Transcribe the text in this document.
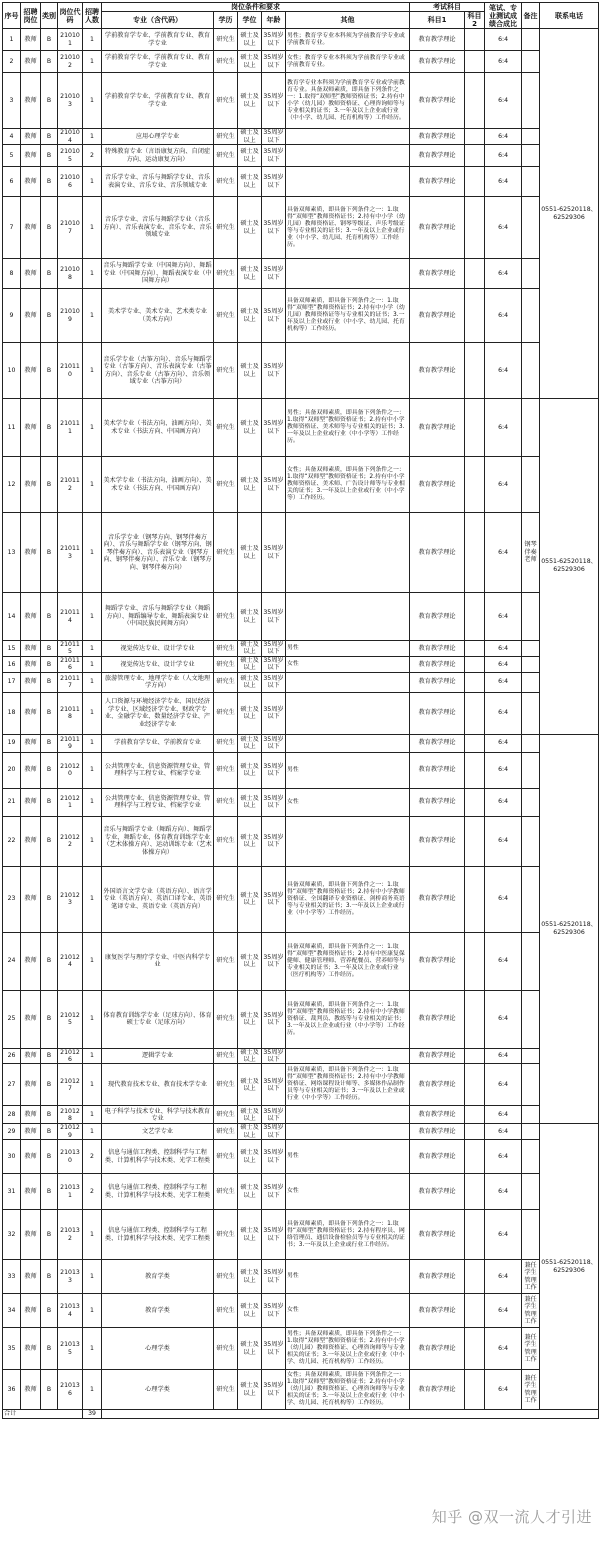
序号	招聘岗位	类别	岗位代码	招聘人数	岗位条件和要求					考试科目		笔试、专业测试成绩合成比	备注	联系电话
					专业（含代码）	学历	学位	年龄	其他	科目1	科目2			
1	教师	B	210101	1	学前教育学专业、学前教育专业、教育学专业	研究生	硕士及以上	35周岁以下	男性；教育学专业本科须为学前教育学专业或学前教育专业。	教育教学理论		6:4		0551-62520118、62529306
2	教师	B	210102	1	学前教育学专业、学前教育专业、教育学专业	研究生	硕士及以上	35周岁以下	女性；教育学专业本科须为学前教育学专业或学前教育专业。	教育教学理论		6:4		
3	教师	B	210103	1	学前教育学专业、学前教育专业、教育学专业	研究生	硕士及以上	35周岁以下	教育学专业本科须为学前教育学专业或学前教育专业。具备双师素质，即具备下列条件之一：1.取得“双师型”教师资格证书；2.持有中小学（幼儿园）教师资格证、心理咨询师等与专业相关的证书；3.一年及以上企业或行业（中小学、幼儿园、托育机构等）工作经历。	教育教学理论		6:4		
4	教师	B	210104	1	应用心理学专业	研究生	硕士及以上	35周岁以下		教育教学理论		6:4		
5	教师	B	210105	2	特殊教育专业（言语康复方向、自闭症方向、运动康复方向）	研究生	硕士及以上	35周岁以下		教育教学理论		6:4		
6	教师	B	210106	1	音乐学专业、音乐与舞蹈学专业、音乐表演专业、音乐专业、音乐领域专业	研究生	硕士及以上	35周岁以下		教育教学理论		6:4		
7	教师	B	210107	1	音乐学专业、音乐与舞蹈学专业（音乐方向）、音乐表演专业、音乐专业、音乐领域专业	研究生	硕士及以上	35周岁以下	具备双师素质，即具备下列条件之一：1.取得“双师型”教师资格证书；2.持有中小学（幼儿园）教师资格证、钢琴等级证、声乐考级证等与专业相关的证书；3.一年及以上企业或行业（中小学、幼儿园、托育机构等）工作经历。	教育教学理论		6:4		
8	教师	B	210108	1	音乐与舞蹈学专业（中国舞方向）、舞蹈专业（中国舞方向）、舞蹈表演专业（中国舞方向）	研究生	硕士及以上	35周岁以下		教育教学理论		6:4		
9	教师	B	210109	1	美术学专业、美术专业、艺术类专业（美术方向）	研究生	硕士及以上	35周岁以下	具备双师素质，即具备下列条件之一：1.取得“双师型”教师资格证书；2.持有中小学（幼儿园）教师资格证等与专业相关的证书；3.一年及以上企业或行业（中小学、幼儿园、托育机构等）工作经历。	教育教学理论		6:4		
10	教师	B	210110	1	音乐学专业（古筝方向）、音乐与舞蹈学专业（古筝方向）、音乐表演专业（古筝方向）、音乐专业（古筝方向）、音乐领域专业（古筝方向）	研究生	硕士及以上	35周岁以下		教育教学理论		6:4		
11	教师	B	210111	1	美术学专业（书法方向、油画方向）、美术专业（书法方向、中国画方向）	研究生	硕士及以上	35周岁以下	男性；具备双师素质，即具备下列条件之一：1.取得“双师型”教师资格证书；2.持有中小学教师资格证、美术师等与专业相关的证书；3.一年及以上企业或行业（中小学等）工作经历。	教育教学理论		6:4		0551-62520118、62529306
12	教师	B	210112	1	美术学专业（书法方向、油画方向）、美术专业（书法方向、中国画方向）	研究生	硕士及以上	35周岁以下	女性；具备双师素质，即具备下列条件之一：1.取得“双师型”教师资格证书；2.持有中小学教师资格证、美术师、广告设计师等与专业相关的证书；3.一年及以上企业或行业（中小学等）工作经历。	教育教学理论		6:4		
13	教师	B	210113	1	音乐学专业（钢琴方向、钢琴伴奏方向）、音乐与舞蹈学专业（钢琴方向、钢琴伴奏方向）、音乐表演专业（钢琴方向、钢琴伴奏方向）、音乐专业（钢琴方向、钢琴伴奏方向）	研究生	硕士及以上	35周岁以下		教育教学理论		6:4	钢琴伴奏老师	
14	教师	B	210114	1	舞蹈学专业、音乐与舞蹈学专业（舞蹈方向）、舞蹈编导专业、舞蹈表演专业（中国民族民间舞方向）	研究生	硕士及以上	35周岁以下		教育教学理论		6:4		
15	教师	B	210115	1	视觉传达专业、设计学专业	研究生	硕士及以上	35周岁以下	男性	教育教学理论		6:4		
16	教师	B	210116	1	视觉传达专业、设计学专业	研究生	硕士及以上	35周岁以下	女性	教育教学理论		6:4		
17	教师	B	210117	1	旅游管理专业、地理学专业（人文地理学方向）	研究生	硕士及以上	35周岁以下		教育教学理论		6:4		
18	教师	B	210118	1	人口资源与环境经济学专业、国民经济学专业、区域经济学专业、财政学专业、金融学专业、数量经济学专业、产业经济学专业	研究生	硕士及以上	35周岁以下		教育教学理论		6:4		
19	教师	B	210119	1	学前教育学专业、学前教育专业	研究生	硕士及以上	35周岁以下		教育教学理论		6:4		0551-62520118、62529306
20	教师	B	210120	1	公共管理专业、信息资源管理专业、管理科学与工程专业、档案学专业	研究生	硕士及以上	35周岁以下	男性	教育教学理论		6:4		
21	教师	B	210121	1	公共管理专业、信息资源管理专业、管理科学与工程专业、档案学专业	研究生	硕士及以上	35周岁以下	女性	教育教学理论		6:4		
22	教师	B	210122	1	音乐与舞蹈学专业（舞蹈方向）、舞蹈学专业、舞蹈专业、体育教育训练学专业（艺术体操方向）、运动训练专业（艺术体操方向）	研究生	硕士及以上	35周岁以下		教育教学理论		6:4		
23	教师	B	210123	1	外国语言文学专业（英语方向）、语言学专业（英语方向）、英语口译专业、英语笔译专业、英语专业（英语方向）	研究生	硕士及以上	35周岁以下	具备双师素质，即具备下列条件之一：1.取得“双师型”教师资格证书；2.持有中小学教师资格证、全国翻译专业资格证、剑桥商务英语等与专业相关的证书；3.一年及以上企业或行业（中小学等）工作经历。	教育教学理论		6:4		
24	教师	B	210124	1	康复医学与理疗学专业、中医内科学专业	研究生	硕士及以上	35周岁以下	具备双师素质，即具备下列条件之一：1.取得“双师型”教师资格证书；2.持有中医康复保健师、健康管理师、营养配餐员、营养师等与专业相关的证书；3.一年及以上企业或行业（医疗机构等）工作经历。	教育教学理论		6:4		
25	教师	B	210125	1	体育教育训练学专业（足球方向）、体育硕士专业（足球方向）	研究生	硕士及以上	35周岁以下	具备双师素质，即具备下列条件之一：1.取得“双师型”教师资格证书；2.持有中小学教师资格证、裁判员、教练等与专业相关的证书；3.一年及以上企业或行业（中小学等）工作经历。	教育教学理论		6:4		
26	教师	B	210126	1	逻辑学专业	研究生	硕士及以上	35周岁以下		教育教学理论		6:4		
27	教师	B	210127	1	现代教育技术专业、教育技术学专业	研究生	硕士及以上	35周岁以下	具备双师素质，即具备下列条件之一：1.取得“双师型”教师资格证书；2.持有中小学教师资格证、网络课程设计师等、多媒体作品制作员等与专业相关的证书；3.一年及以上企业或行业（中小学等）工作经历。	教育教学理论		6:4		
28	教师	B	210128	1	电子科学与技术专业、科学与技术教育专业	研究生	硕士及以上	35周岁以下		教育教学理论		6:4		
29	教师	B	210129	1	文艺学专业	研究生	硕士及以上	35周岁以下		教育教学理论		6:4		0551-62520118、62529306
30	教师	B	210130	2	信息与通信工程类、控制科学与工程类、计算机科学与技术类、光学工程类	研究生	硕士及以上	35周岁以下	男性	教育教学理论		6:4		
31	教师	B	210131	2	信息与通信工程类、控制科学与工程类、计算机科学与技术类、光学工程类	研究生	硕士及以上	35周岁以下	女性	教育教学理论		6:4		
32	教师	B	210132	1	信息与通信工程类、控制科学与工程类、计算机科学与技术类、光学工程类	研究生	硕士及以上	35周岁以下	具备双师素质，即具备下列条件之一：1.取得“双师型”教师资格证书；2.持有程序员、网络管理员、通信设备检验员等与专业相关的证书；3.一年及以上企业或行业工作经历。	教育教学理论		6:4		
33	教师	B	210133	1	教育学类	研究生	硕士及以上	35周岁以下	男性	教育教学理论		6:4	兼任学生管理工作	
34	教师	B	210134	1	教育学类	研究生	硕士及以上	35周岁以下	女性	教育教学理论		6:4	兼任学生管理工作	
35	教师	B	210135	1	心理学类	研究生	硕士及以上	35周岁以下	男性；具备双师素质，即具备下列条件之一：1.取得“双师型”教师资格证书；2.持有中小学（幼儿园）教师资格证、心理咨询师等与专业相关的证书；3.一年及以上企业或行业（中小学、幼儿园、托育机构等）工作经历。	教育教学理论		6:4	兼任学生管理工作	
36	教师	B	210136	1	心理学类	研究生	硕士及以上	35周岁以下	女性；具备双师素质，即具备下列条件之一：1.取得“双师型”教师资格证书；2.持有中小学（幼儿园）教师资格证、心理咨询师等与专业相关的证书；3.一年及以上企业或行业（中小学、幼儿园、托育机构等）工作经历。	教育教学理论		6:4	兼任学生管理工作	
合计				39										
知乎 @双一流人才引进
